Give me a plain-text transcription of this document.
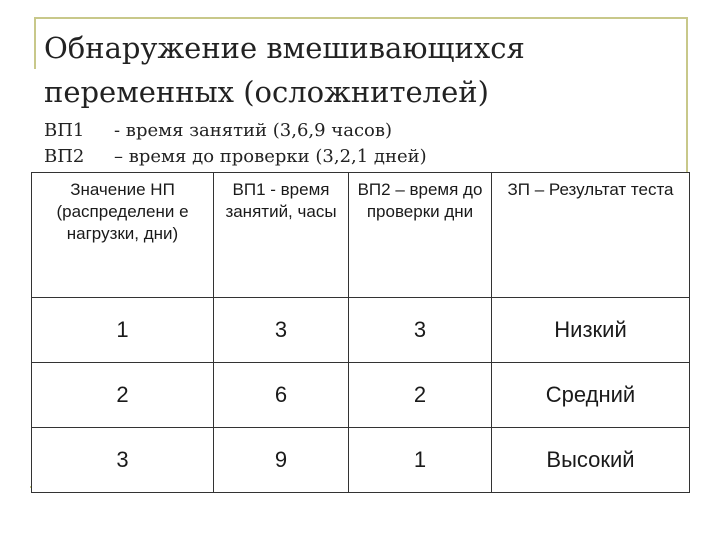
Обнаружение вмешивающихся
переменных (осложнителей)
ВП1 - время занятий (3,6,9 часов)
ВП2 – время до проверки (3,2,1 дней)
Значение НП (распределени е нагрузки, дни)	ВП1 - время занятий, часы	ВП2 – время до проверки дни	ЗП – Результат теста
1	3	3	Низкий
2	6	2	Средний
3	9	1	Высокий
